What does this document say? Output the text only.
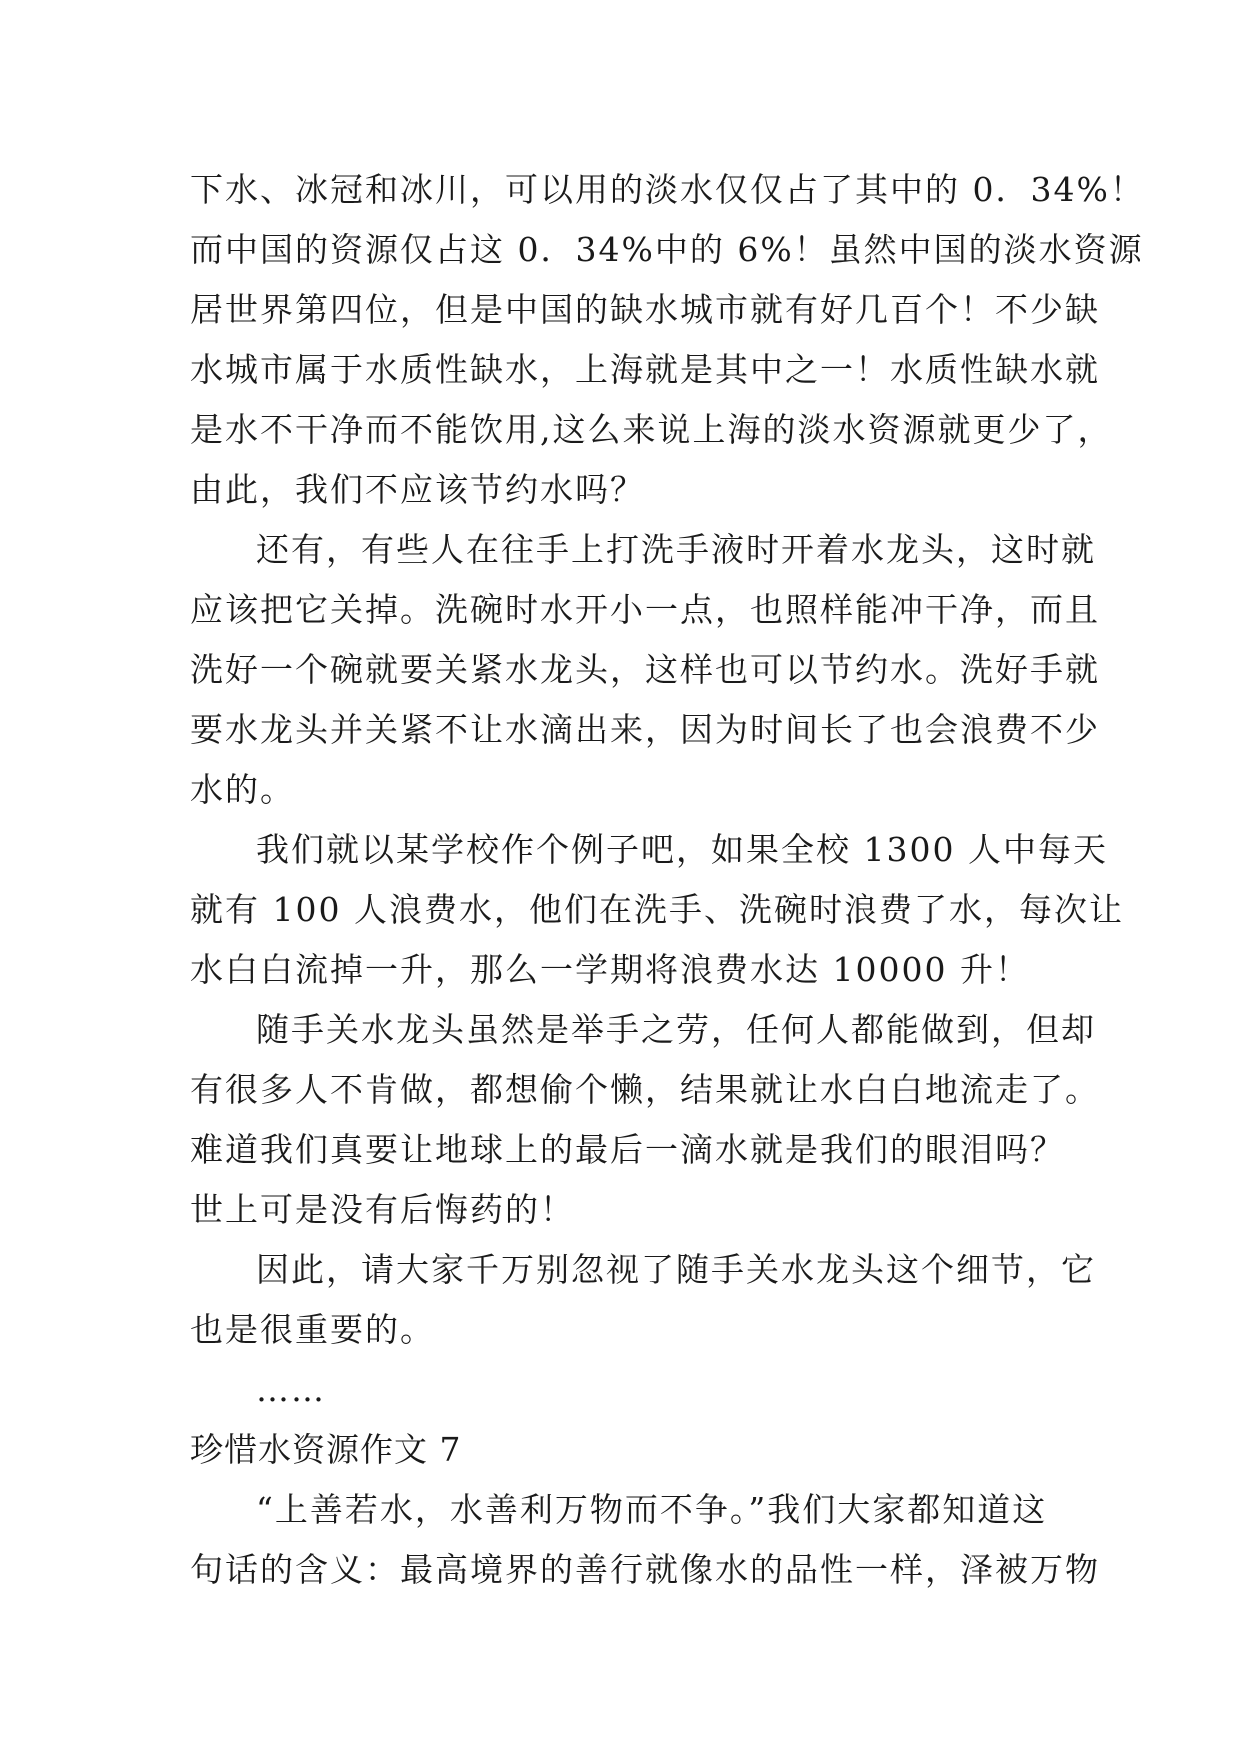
下水、冰冠和冰川，可以用的淡水仅仅占了其中的 0．34%！
而中国的资源仅占这 0．34%中的 6%！虽然中国的淡水资源
居世界第四位，但是中国的缺水城市就有好几百个！不少缺
水城市属于水质性缺水，上海就是其中之一！水质性缺水就
是水不干净而不能饮用,这么来说上海的淡水资源就更少了，
由此，我们不应该节约水吗？
还有，有些人在往手上打洗手液时开着水龙头，这时就
应该把它关掉。洗碗时水开小一点，也照样能冲干净，而且
洗好一个碗就要关紧水龙头，这样也可以节约水。洗好手就
要水龙头并关紧不让水滴出来，因为时间长了也会浪费不少
水的。
我们就以某学校作个例子吧，如果全校 1300 人中每天
就有 100 人浪费水，他们在洗手、洗碗时浪费了水，每次让
水白白流掉一升，那么一学期将浪费水达 10000 升！
随手关水龙头虽然是举手之劳，任何人都能做到，但却
有很多人不肯做，都想偷个懒，结果就让水白白地流走了。
难道我们真要让地球上的最后一滴水就是我们的眼泪吗？
世上可是没有后悔药的！
因此，请大家千万别忽视了随手关水龙头这个细节，它
也是很重要的。
……
珍惜水资源作文 7
“上善若水，水善利万物而不争。”我们大家都知道这
句话的含义：最高境界的善行就像水的品性一样，泽被万物
